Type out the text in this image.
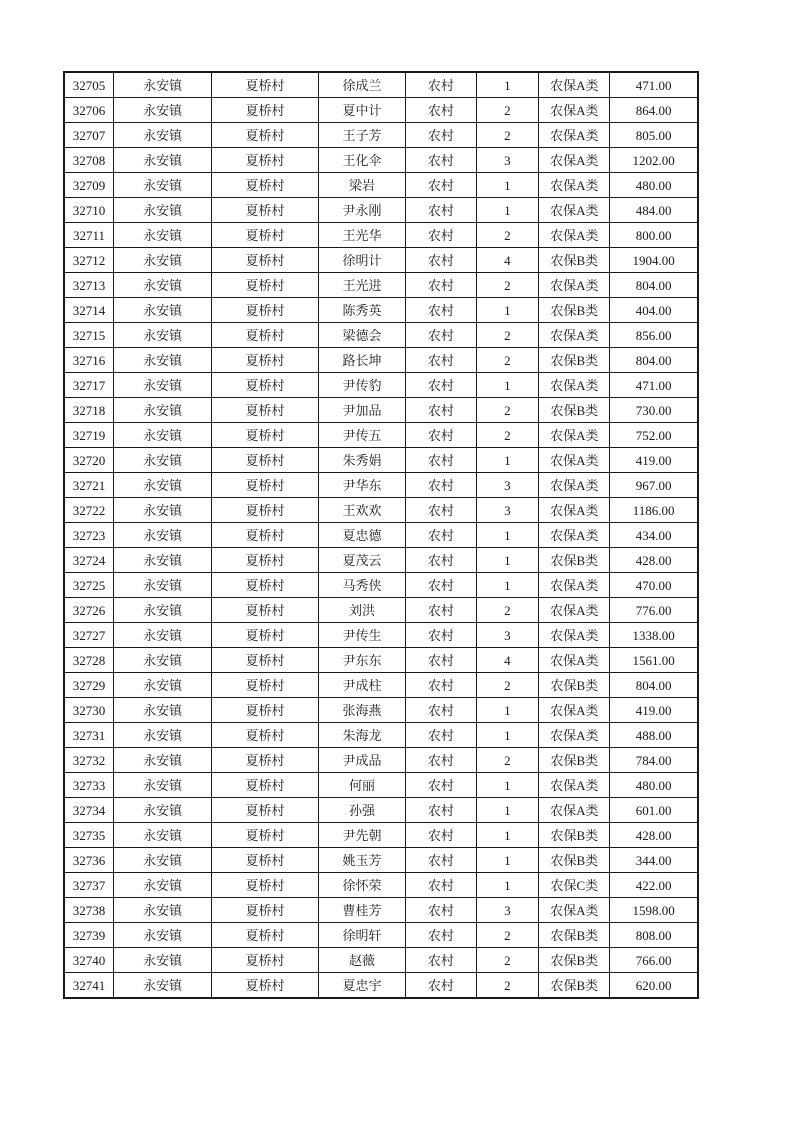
32705	永安镇	夏桥村	徐成兰	农村	1	农保A类	471.00
32706	永安镇	夏桥村	夏中计	农村	2	农保A类	864.00
32707	永安镇	夏桥村	王子芳	农村	2	农保A类	805.00
32708	永安镇	夏桥村	王化伞	农村	3	农保A类	1202.00
32709	永安镇	夏桥村	梁岩	农村	1	农保A类	480.00
32710	永安镇	夏桥村	尹永刚	农村	1	农保A类	484.00
32711	永安镇	夏桥村	王光华	农村	2	农保A类	800.00
32712	永安镇	夏桥村	徐明计	农村	4	农保B类	1904.00
32713	永安镇	夏桥村	王光进	农村	2	农保A类	804.00
32714	永安镇	夏桥村	陈秀英	农村	1	农保B类	404.00
32715	永安镇	夏桥村	梁德会	农村	2	农保A类	856.00
32716	永安镇	夏桥村	路长坤	农村	2	农保B类	804.00
32717	永安镇	夏桥村	尹传豹	农村	1	农保A类	471.00
32718	永安镇	夏桥村	尹加品	农村	2	农保B类	730.00
32719	永安镇	夏桥村	尹传五	农村	2	农保A类	752.00
32720	永安镇	夏桥村	朱秀娟	农村	1	农保A类	419.00
32721	永安镇	夏桥村	尹华东	农村	3	农保A类	967.00
32722	永安镇	夏桥村	王欢欢	农村	3	农保A类	1186.00
32723	永安镇	夏桥村	夏忠德	农村	1	农保A类	434.00
32724	永安镇	夏桥村	夏茂云	农村	1	农保B类	428.00
32725	永安镇	夏桥村	马秀侠	农村	1	农保A类	470.00
32726	永安镇	夏桥村	刘洪	农村	2	农保A类	776.00
32727	永安镇	夏桥村	尹传生	农村	3	农保A类	1338.00
32728	永安镇	夏桥村	尹东东	农村	4	农保A类	1561.00
32729	永安镇	夏桥村	尹成柱	农村	2	农保B类	804.00
32730	永安镇	夏桥村	张海燕	农村	1	农保A类	419.00
32731	永安镇	夏桥村	朱海龙	农村	1	农保A类	488.00
32732	永安镇	夏桥村	尹成品	农村	2	农保B类	784.00
32733	永安镇	夏桥村	何丽	农村	1	农保A类	480.00
32734	永安镇	夏桥村	孙强	农村	1	农保A类	601.00
32735	永安镇	夏桥村	尹先朝	农村	1	农保B类	428.00
32736	永安镇	夏桥村	姚玉芳	农村	1	农保B类	344.00
32737	永安镇	夏桥村	徐怀荣	农村	1	农保C类	422.00
32738	永安镇	夏桥村	曹桂芳	农村	3	农保A类	1598.00
32739	永安镇	夏桥村	徐明轩	农村	2	农保B类	808.00
32740	永安镇	夏桥村	赵薇	农村	2	农保B类	766.00
32741	永安镇	夏桥村	夏忠宇	农村	2	农保B类	620.00
